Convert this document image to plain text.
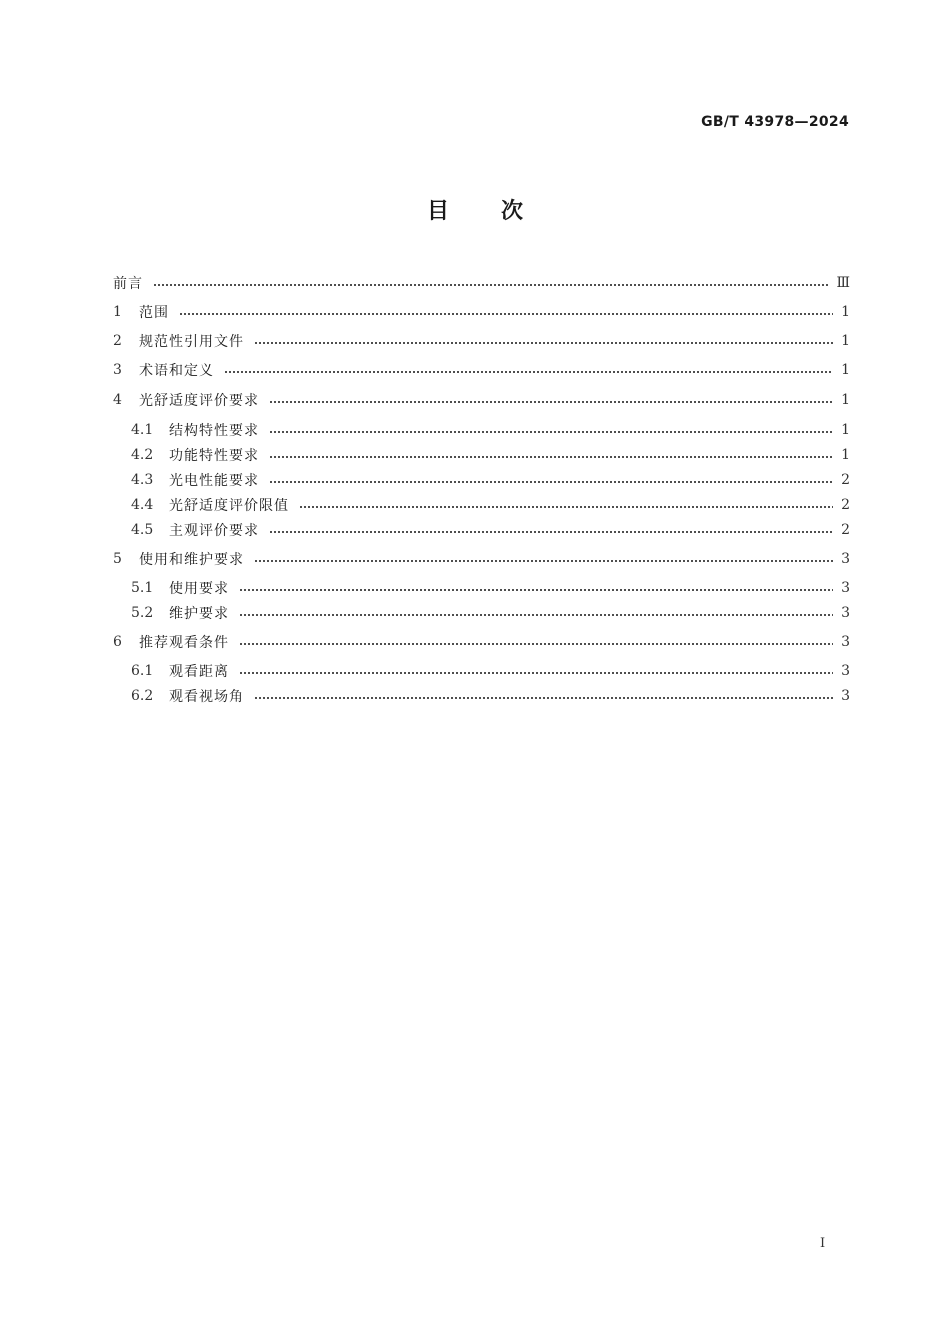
GB/T 43978—2024
目 次
前言	Ⅲ
1	范围	1
2	规范性引用文件	1
3	术语和定义	1
4	光舒适度评价要求	1
4.1	结构特性要求	1
4.2	功能特性要求	1
4.3	光电性能要求	2
4.4	光舒适度评价限值	2
4.5	主观评价要求	2
5	使用和维护要求	3
5.1	使用要求	3
5.2	维护要求	3
6	推荐观看条件	3
6.1	观看距离	3
6.2	观看视场角	3
I
